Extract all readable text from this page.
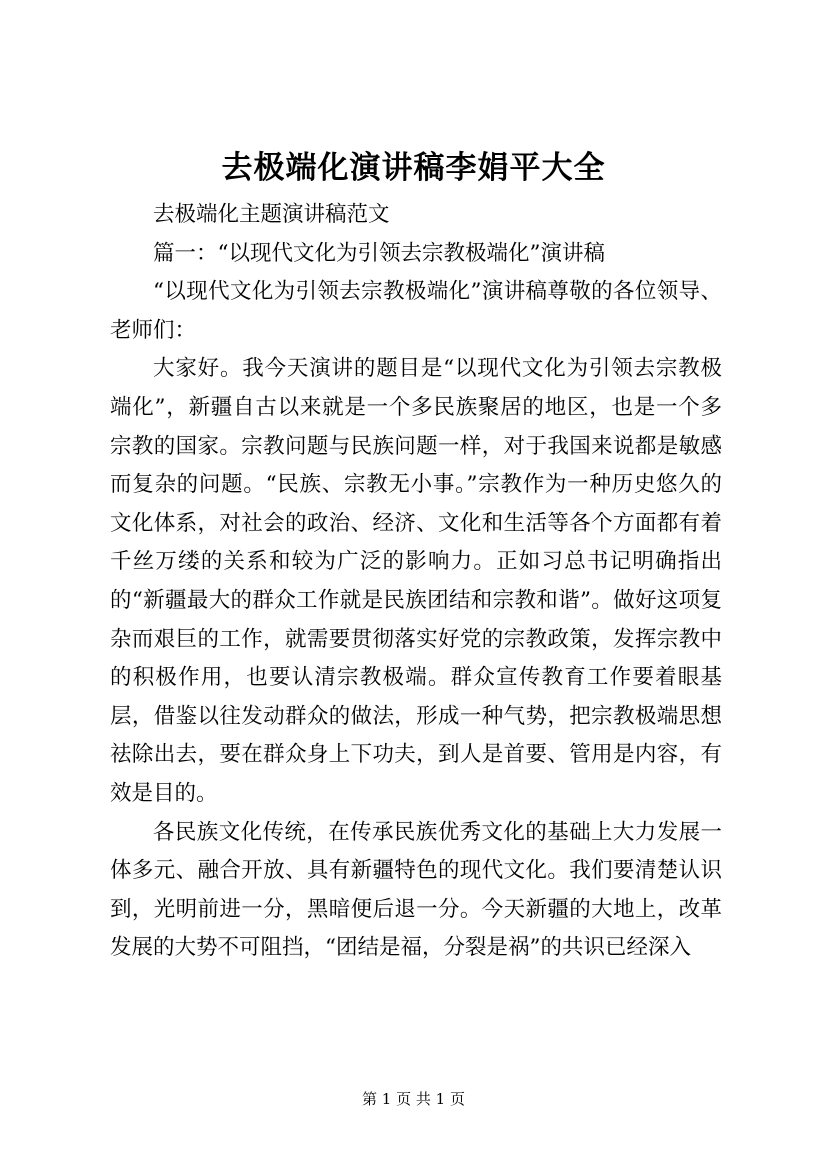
去极端化演讲稿李娟平大全

去极端化主题演讲稿范文

篇一：“以现代文化为引领去宗教极端化”演讲稿

“以现代文化为引领去宗教极端化”演讲稿尊敬的各位领导、老师们：

大家好。我今天演讲的题目是“以现代文化为引领去宗教极端化”，新疆自古以来就是一个多民族聚居的地区，也是一个多宗教的国家。宗教问题与民族问题一样，对于我国来说都是敏感而复杂的问题。“民族、宗教无小事。”宗教作为一种历史悠久的文化体系，对社会的政治、经济、文化和生活等各个方面都有着千丝万缕的关系和较为广泛的影响力。正如习总书记明确指出的“新疆最大的群众工作就是民族团结和宗教和谐”。做好这项复杂而艰巨的工作，就需要贯彻落实好党的宗教政策，发挥宗教中的积极作用，也要认清宗教极端。群众宣传教育工作要着眼基层，借鉴以往发动群众的做法，形成一种气势，把宗教极端思想祛除出去，要在群众身上下功夫，到人是首要、管用是内容，有效是目的。

各民族文化传统，在传承民族优秀文化的基础上大力发展一体多元、融合开放、具有新疆特色的现代文化。我们要清楚认识到，光明前进一分，黑暗便后退一分。今天新疆的大地上，改革发展的大势不可阻挡，“团结是福，分裂是祸”的共识已经深入

第 1 页 共 1 页
